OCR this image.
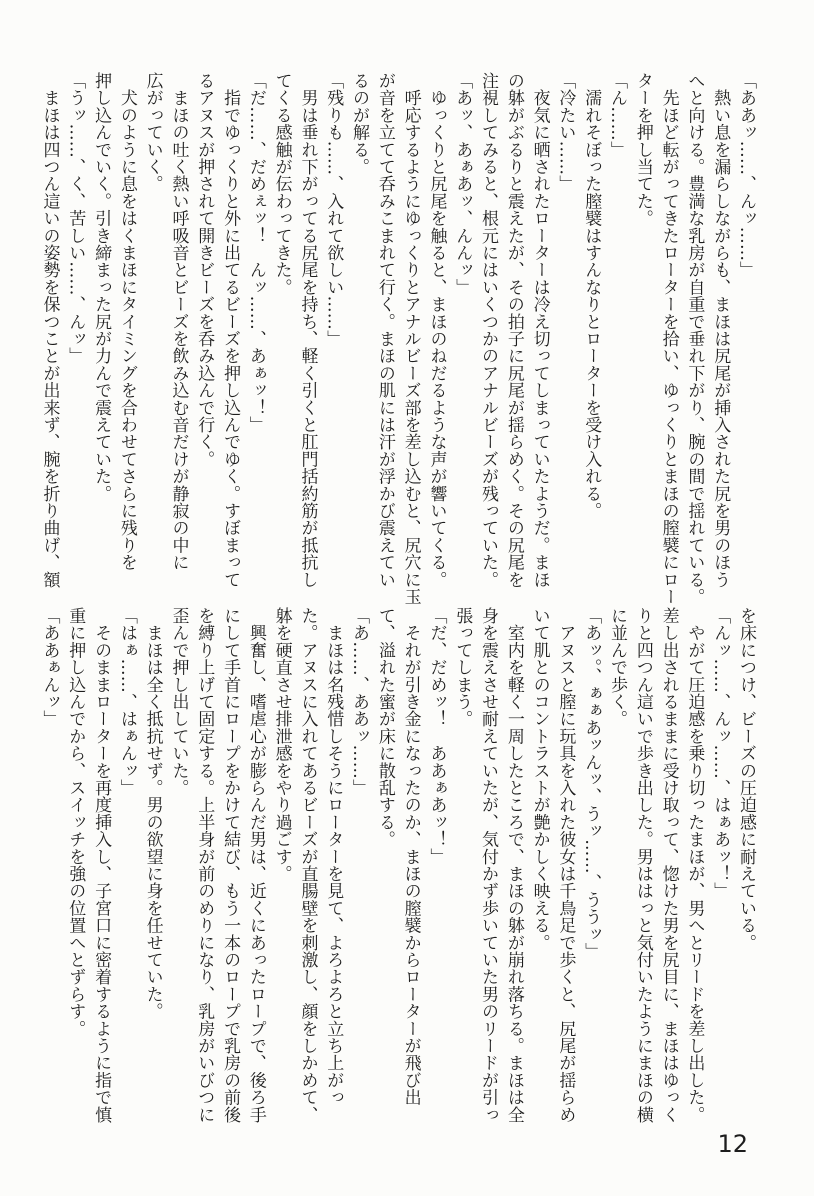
「ああッ……、んッ……」

　熱い息を漏らしながらも、まほは尻尾が挿入された尻を男のほう

へと向ける。豊満な乳房が自重で垂れ下がり、腕の間で揺れている。

　先ほど転がってきたローターを拾い、ゆっくりとまほの膣襞にロー

ターを押し当てた。

「ん……」

　濡れそぼった膣襞はすんなりとローターを受け入れる。

「冷たい……」

　夜気に晒されたローターは冷え切ってしまっていたようだ。まほ

の躰がぶるりと震えたが、その拍子に尻尾が揺らめく。その尻尾を

注視してみると、根元にはいくつかのアナルビーズが残っていた。

「あッ、あぁあッ、んんッ」

　ゆっくりと尻尾を触ると、まほのねだるような声が響いてくる。

　呼応するようにゆっくりとアナルビーズ部を差し込むと、尻穴に玉

が音を立てて呑みこまれて行く。まほの肌には汗が浮かび震えてい

るのが解る。

「残りも……、入れて欲しい……」

　男は垂れ下がってる尻尾を持ち、軽く引くと肛門括約筋が抵抗し

てくる感触が伝わってきた。

「だ……、だめぇッ！　んッ……、あぁッ！」

　指でゆっくりと外に出てるビーズを押し込んでゆく。すぼまって

るアヌスが押されて開きビーズを呑み込んで行く。

　まほの吐く熱い呼吸音とビーズを飲み込む音だけが静寂の中に

広がっていく。

　犬のように息をはくまほにタイミングを合わせてさらに残りを

押し込んでいく。引き締まった尻が力んで震えていた。

「うッ……、く、苦しい……、んッ」

　まほは四つん這いの姿勢を保つことが出来ず、腕を折り曲げ、額

を床につけ、ビーズの圧迫感に耐えている。

「んッ……、んッ……、はぁあッ！」

　やがて圧迫感を乗り切ったまほが、男へとリードを差し出した。

差し出されるままに受け取って、惚けた男を尻目に、まほはゆっく

りと四つん這いで歩き出した。男ははっと気付いたようにまほの横

に並んで歩く。

「あッ。、ぁぁあッんッ、うッ……、ううッ」

　アヌスと膣に玩具を入れた彼女は千鳥足で歩くと、尻尾が揺らめ

いて肌とのコントラストが艶かしく映える。

　室内を軽く一周したところで、まほの躰が崩れ落ちる。まほは全

身を震えさせ耐えていたが、気付かず歩いていた男のリードが引っ

張ってしまう。

「だ、だめッ！　ああぁあッ！」

　それが引き金になったのか、まほの膣襞からローターが飛び出

て、溢れた蜜が床に散乱する。

「あ……、ああッ……」

　まほは名残惜しそうにローターを見て、よろよろと立ち上がっ

た。アヌスに入れてあるビーズが直腸壁を刺激し、顔をしかめて、

躰を硬直させ排泄感をやり過ごす。

　興奮し、嗜虐心が膨らんだ男は、近くにあったロープで、後ろ手

にして手首にロープをかけて結び、もう一本のロープで乳房の前後

を縛り上げて固定する。上半身が前のめりになり、乳房がいびつに

歪んで押し出していた。

　まほは全く抵抗せず。男の欲望に身を任せていた。

「はぁ……、はぁんッ」

　そのままローターを再度挿入し、子宮口に密着するように指で慎

重に押し込んでから、スイッチを強の位置へとずらす。

「ああぁんッ」

12
